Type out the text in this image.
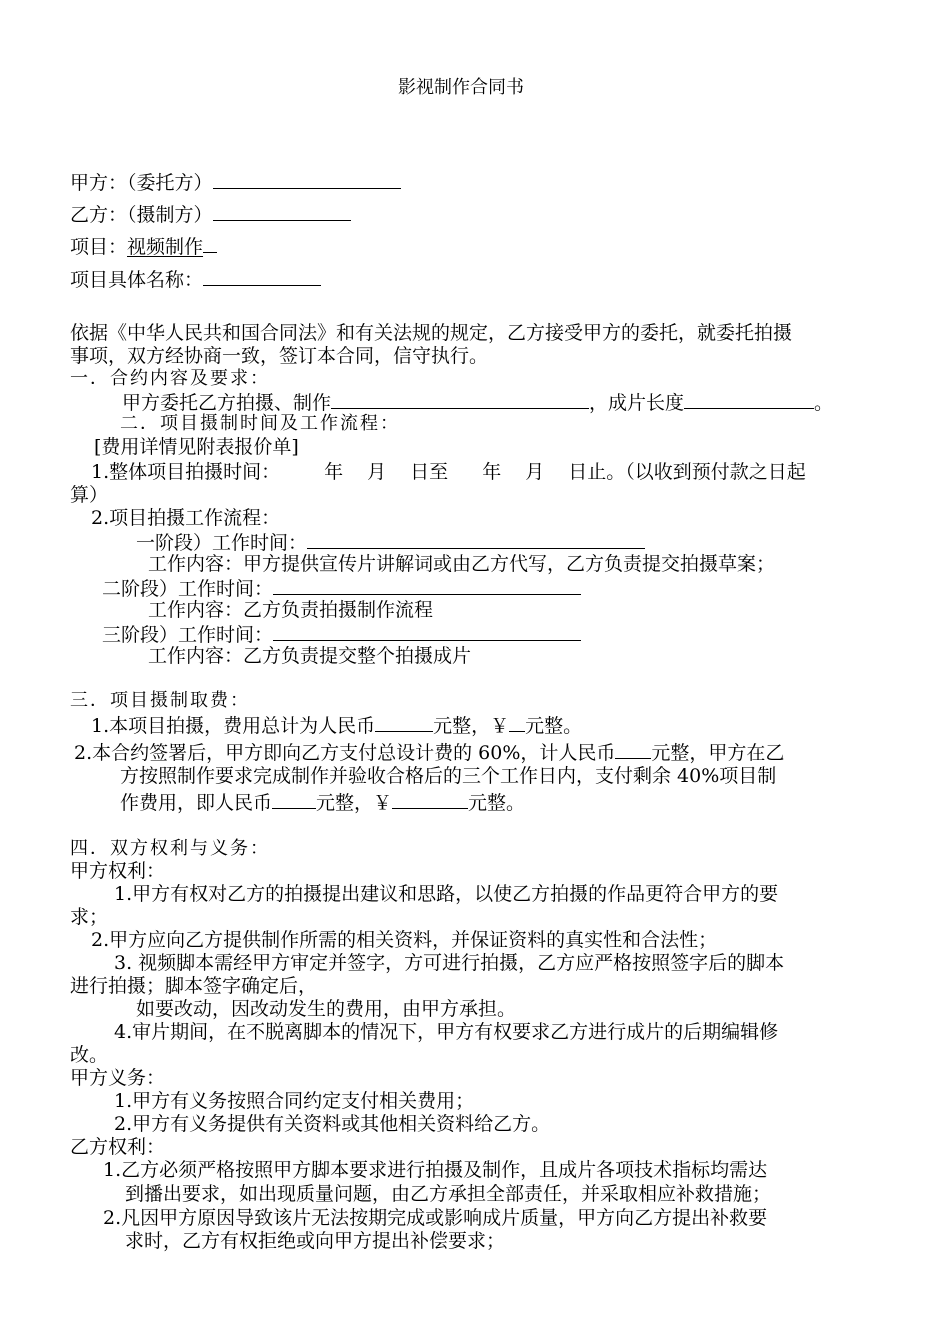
影视制作合同书
甲方：（委托方）
乙方：（摄制方）
项目：视频制作
项目具体名称：
依据《中华人民共和国合同法》和有关法规的规定，乙方接受甲方的委托，就委托拍摄
事项，双方经协商一致，签订本合同，信守执行。
一．合约内容及要求：
甲方委托乙方拍摄、制作	，成片长度	。
二．项目摄制时间及工作流程：
[费用详情见附表报价单]
1.整体项目拍摄时间： 年 月 日至 年 月 日止。（以收到预付款之日起
算）
2.项目拍摄工作流程：
一阶段）工作时间：
工作内容：甲方提供宣传片讲解词或由乙方代写，乙方负责提交拍摄草案；
二阶段）工作时间：
工作内容：乙方负责拍摄制作流程
三阶段）工作时间：
工作内容：乙方负责提交整个拍摄成片
三．项目摄制取费：
1.本项目拍摄，费用总计为人民币	元整，￥ 元整。
2.本合约签署后，甲方即向乙方支付总设计费的 60%，计人民币 元整，甲方在乙
方按照制作要求完成制作并验收合格后的三个工作日内，支付剩余 40%项目制
作费用，即人民币 元整，￥	元整。
四．双方权利与义务：
甲方权利：
1.甲方有权对乙方的拍摄提出建议和思路，以使乙方拍摄的作品更符合甲方的要
求；
2.甲方应向乙方提供制作所需的相关资料，并保证资料的真实性和合法性；
3. 视频脚本需经甲方审定并签字，方可进行拍摄，乙方应严格按照签字后的脚本
进行拍摄；脚本签字确定后，
如要改动，因改动发生的费用，由甲方承担。
4.审片期间，在不脱离脚本的情况下，甲方有权要求乙方进行成片的后期编辑修
改。
甲方义务：
1.甲方有义务按照合同约定支付相关费用；
2.甲方有义务提供有关资料或其他相关资料给乙方。
乙方权利：
1.乙方必须严格按照甲方脚本要求进行拍摄及制作，且成片各项技术指标均需达
到播出要求，如出现质量问题，由乙方承担全部责任，并采取相应补救措施；
2.凡因甲方原因导致该片无法按期完成或影响成片质量，甲方向乙方提出补救要
求时，乙方有权拒绝或向甲方提出补偿要求；
